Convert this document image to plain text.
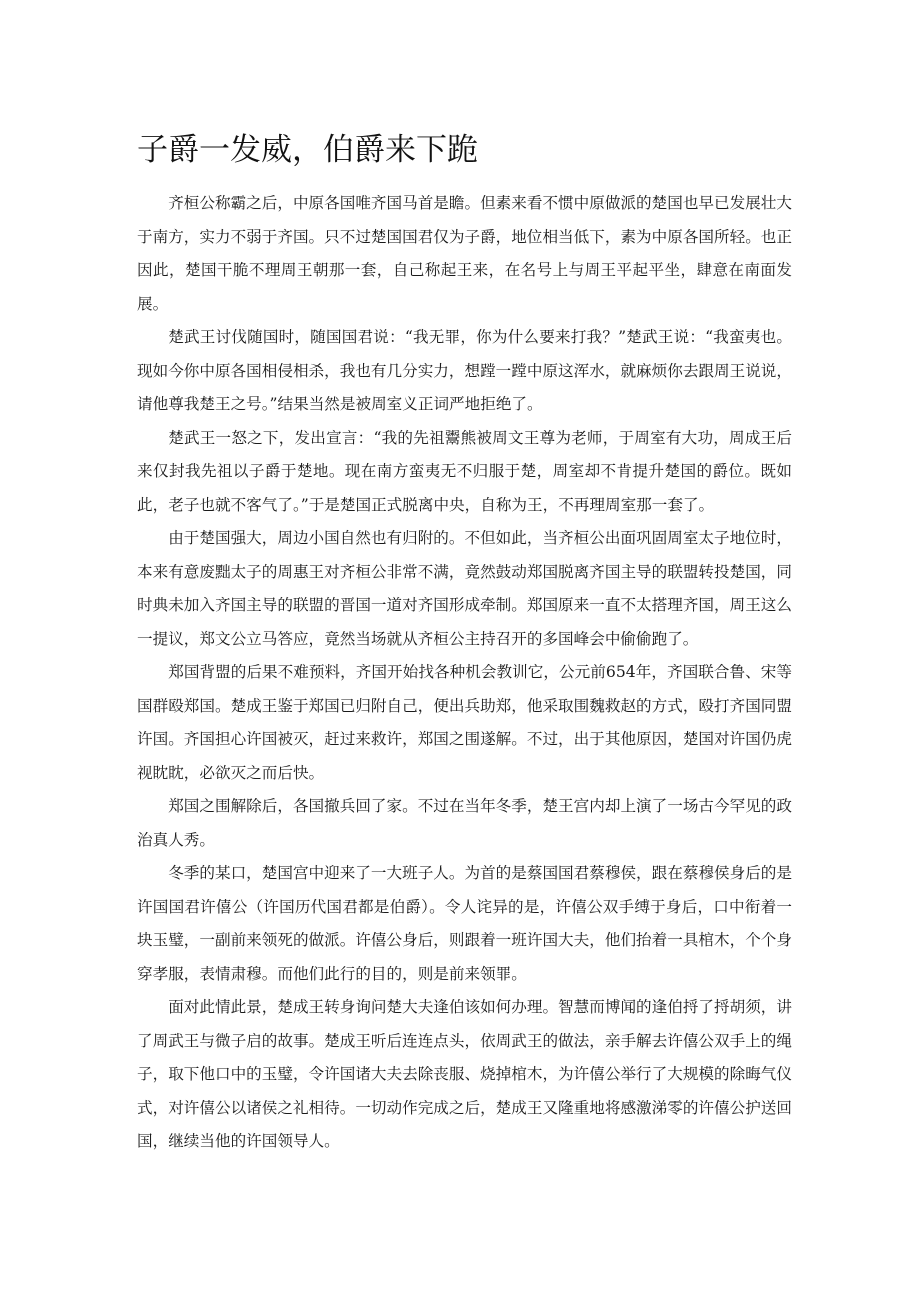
子爵一发威，伯爵来下跪

齐桓公称霸之后，中原各国唯齐国马首是瞻。但素来看不惯中原做派的楚国也早已发展壮大于南方，实力不弱于齐国。只不过楚国国君仅为子爵，地位相当低下，素为中原各国所轻。也正因此，楚国干脆不理周王朝那一套，自己称起王来，在名号上与周王平起平坐，肆意在南面发展。

楚武王讨伐随国时，随国国君说：“我无罪，你为什么要来打我？”楚武王说：“我蛮夷也。现如今你中原各国相侵相杀，我也有几分实力，想蹚一蹚中原这浑水，就麻烦你去跟周王说说，请他尊我楚王之号。”结果当然是被周室义正词严地拒绝了。

楚武王一怒之下，发出宣言：“我的先祖鬻熊被周文王尊为老师，于周室有大功，周成王后来仅封我先祖以子爵于楚地。现在南方蛮夷无不归服于楚，周室却不肯提升楚国的爵位。既如此，老子也就不客气了。”于是楚国正式脱离中央，自称为王，不再理周室那一套了。

由于楚国强大，周边小国自然也有归附的。不但如此，当齐桓公出面巩固周室太子地位时，本来有意废黜太子的周惠王对齐桓公非常不满，竟然鼓动郑国脱离齐国主导的联盟转投楚国，同时典未加入齐国主导的联盟的晋国一道对齐国形成牵制。郑国原来一直不太搭理齐国，周王这么一提议，郑文公立马答应，竟然当场就从齐桓公主持召开的多国峰会中偷偷跑了。

郑国背盟的后果不难预料，齐国开始找各种机会教训它，公元前654年，齐国联合鲁、宋等国群殴郑国。楚成王鉴于郑国已归附自己，便出兵助郑，他采取围魏救赵的方式，殴打齐国同盟许国。齐国担心许国被灭，赶过来救许，郑国之围遂解。不过，出于其他原因，楚国对许国仍虎视眈眈，必欲灭之而后快。

郑国之围解除后，各国撤兵回了家。不过在当年冬季，楚王宫内却上演了一场古今罕见的政治真人秀。

冬季的某口，楚国宫中迎来了一大班子人。为首的是蔡国国君蔡穆侯，跟在蔡穆侯身后的是许国国君许僖公（许国历代国君都是伯爵）。令人诧异的是，许僖公双手缚于身后，口中衔着一块玉璧，一副前来领死的做派。许僖公身后，则跟着一班许国大夫，他们抬着一具棺木，个个身穿孝服，表情肃穆。而他们此行的目的，则是前来领罪。

面对此情此景，楚成王转身询问楚大夫逢伯该如何办理。智慧而博闻的逢伯捋了捋胡须，讲了周武王与微子启的故事。楚成王听后连连点头，依周武王的做法，亲手解去许僖公双手上的绳子，取下他口中的玉璧，令许国诸大夫去除丧服、烧掉棺木，为许僖公举行了大规模的除晦气仪式，对许僖公以诸侯之礼相待。一切动作完成之后，楚成王又隆重地将感激涕零的许僖公护送回国，继续当他的许国领导人。
